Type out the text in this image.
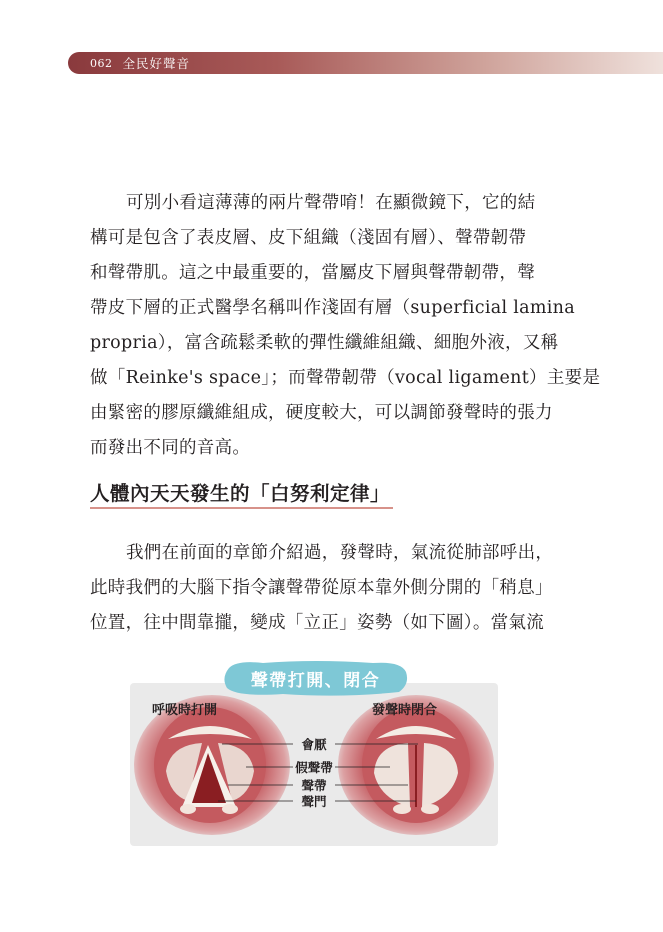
062 全民好聲音

可別小看這薄薄的兩片聲帶唷！在顯微鏡下，它的結
構可是包含了表皮層、皮下組織（淺固有層）、聲帶韌帶
和聲帶肌。這之中最重要的，當屬皮下層與聲帶韌帶，聲
帶皮下層的正式醫學名稱叫作淺固有層（superficial lamina
propria），富含疏鬆柔軟的彈性纖維組織、細胞外液，又稱
做「Reinke's space」；而聲帶韌帶（vocal ligament）主要是
由緊密的膠原纖維組成，硬度較大，可以調節發聲時的張力
而發出不同的音高。

人體內天天發生的「白努利定律」

我們在前面的章節介紹過，發聲時，氣流從肺部呼出，
此時我們的大腦下指令讓聲帶從原本靠外側分開的「稍息」
位置，往中間靠攏，變成「立正」姿勢（如下圖）。當氣流

聲帶打開、閉合
呼吸時打開	發聲時閉合
會厭
假聲帶
聲帶
聲門
